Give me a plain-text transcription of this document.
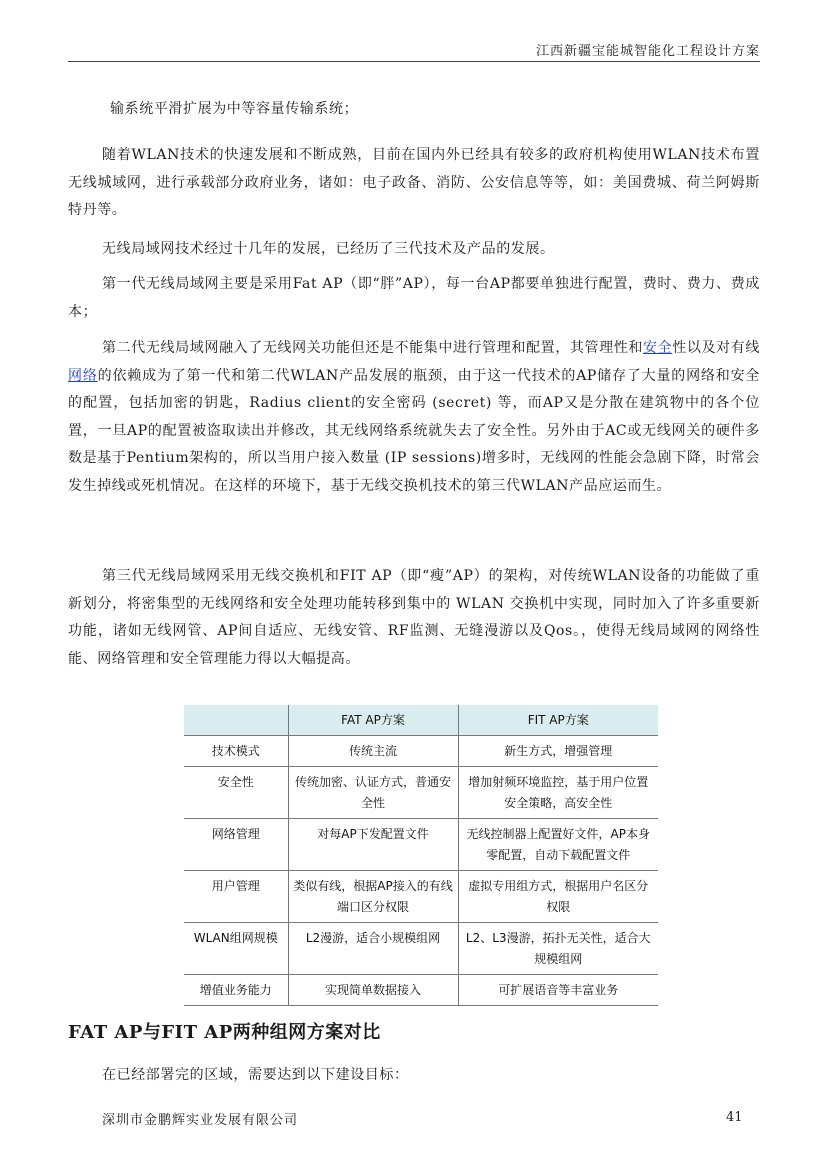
江西新疆宝能城智能化工程设计方案

输系统平滑扩展为中等容量传输系统；

随着WLAN技术的快速发展和不断成熟，目前在国内外已经具有较多的政府机构使用WLAN技术布置无线城域网，进行承载部分政府业务，诸如：电子政备、消防、公安信息等等，如：美国费城、荷兰阿姆斯特丹等。

无线局域网技术经过十几年的发展，已经历了三代技术及产品的发展。

第一代无线局域网主要是采用Fat AP（即“胖”AP），每一台AP都要单独进行配置，费时、费力、费成本；

第二代无线局域网融入了无线网关功能但还是不能集中进行管理和配置，其管理性和安全性以及对有线网络的依赖成为了第一代和第二代WLAN产品发展的瓶颈，由于这一代技术的AP储存了大量的网络和安全的配置，包括加密的钥匙，Radius client的安全密码 (secret) 等，而AP又是分散在建筑物中的各个位置，一旦AP的配置被盗取读出并修改，其无线网络系统就失去了安全性。另外由于AC或无线网关的硬件多数是基于Pentium架构的，所以当用户接入数量 (IP sessions)增多时，无线网的性能会急剧下降，时常会发生掉线或死机情况。在这样的环境下，基于无线交换机技术的第三代WLAN产品应运而生。

第三代无线局域网采用无线交换机和FIT AP（即“瘦”AP）的架构，对传统WLAN设备的功能做了重新划分，将密集型的无线网络和安全处理功能转移到集中的 WLAN 交换机中实现，同时加入了许多重要新功能，诸如无线网管、AP间自适应、无线安管、RF监测、无缝漫游以及Qos。，使得无线局域网的网络性能、网络管理和安全管理能力得以大幅提高。

	FAT AP方案	FIT AP方案
技术模式	传统主流	新生方式，增强管理
安全性	传统加密、认证方式，普通安全性	增加射频环境监控，基于用户位置安全策略，高安全性
网络管理	对每AP下发配置文件	无线控制器上配置好文件，AP本身零配置，自动下载配置文件
用户管理	类似有线，根据AP接入的有线端口区分权限	虚拟专用组方式，根据用户名区分权限
WLAN组网规模	L2漫游，适合小规模组网	L2、L3漫游，拓扑无关性，适合大规模组网
增值业务能力	实现简单数据接入	可扩展语音等丰富业务
FAT AP与FIT AP两种组网方案对比

在已经部署完的区域，需要达到以下建设目标：

深圳市金鹏辉实业发展有限公司	41
